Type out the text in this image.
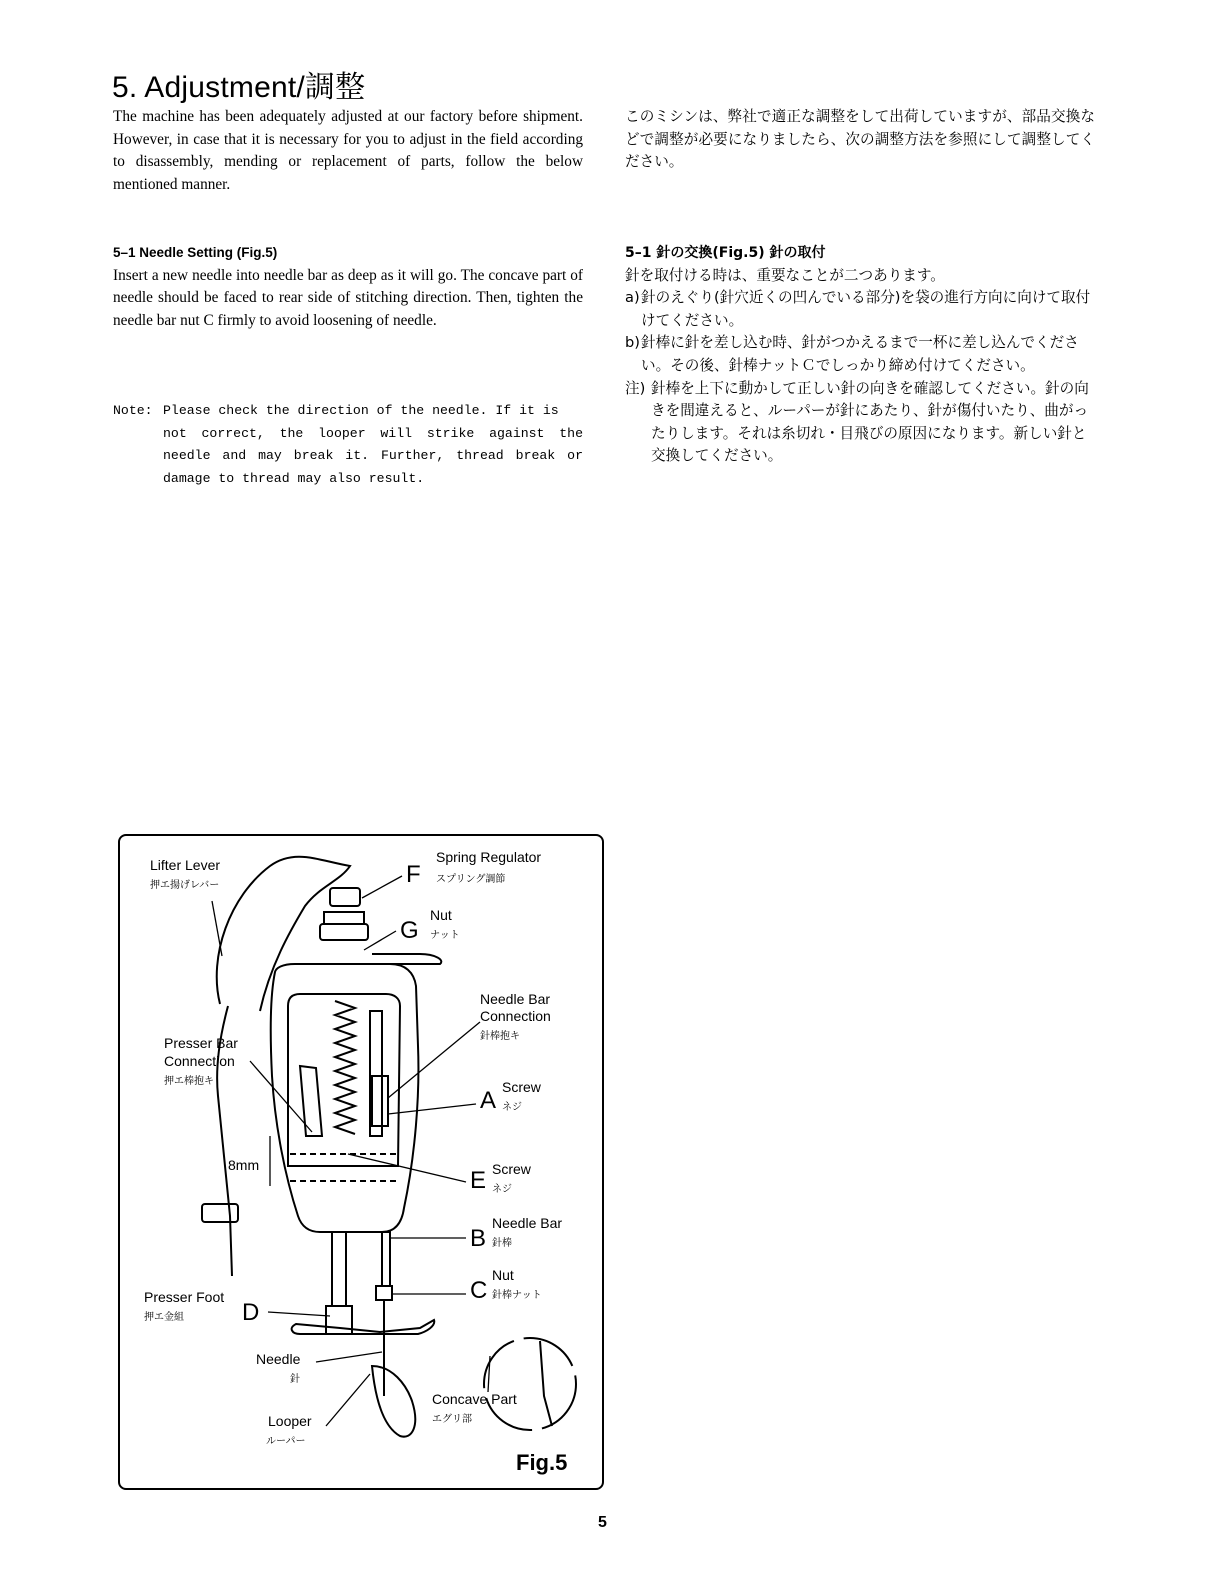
5. Adjustment/調整

The machine has been adequately adjusted at our factory before shipment. However, in case that it is necessary for you to adjust in the field according to disassembly, mending or replacement of parts, follow the below mentioned manner.

このミシンは、弊社で適正な調整をして出荷していますが、部品交換などで調整が必要になりましたら、次の調整方法を参照にして調整してください。

5–1 Needle Setting (Fig.5)

Insert a new needle into needle bar as deep as it will go. The concave part of needle should be faced to rear side of stitching direction. Then, tighten the needle bar nut C firmly to avoid loosening of needle.

5–1 針の交換(Fig.5) 針の取付

針を取付ける時は、重要なことが二つあります。

a) 針のえぐり(針穴近くの凹んでいる部分)を袋の進行方向に向けて取付けてください。
b) 針棒に針を差し込む時、針がつかえるまで一杯に差し込んでください。その後、針棒ナットＣでしっかり締め付けてください。
注) 針棒を上下に動かして正しい針の向きを確認してください。針の向きを間違えると、ルーパーが針にあたり、針が傷付いたり、曲がったりします。それは糸切れ・目飛びの原因になります。新しい針と交換してください。
Note: Please check the direction of the needle. If it is
not correct, the looper will strike against the needle and may break it. Further, thread break or damage to thread may also result.
Lifter Lever
押エ揚げレバー
Spring Regulator
スプリング調節
F
Nut
ナット
G
Needle Bar
Connection
針棒抱キ
Presser Bar
Connection
押エ棒抱キ
A Screw
ネジ
8mm
E Screw
ネジ
B
Needle Bar
針棒
C
Nut
針棒ナット
Presser Foot
押エ金組 D
Needle
針
Concave Part
エグリ部
Looper
ルーパー
Fig.5
5
